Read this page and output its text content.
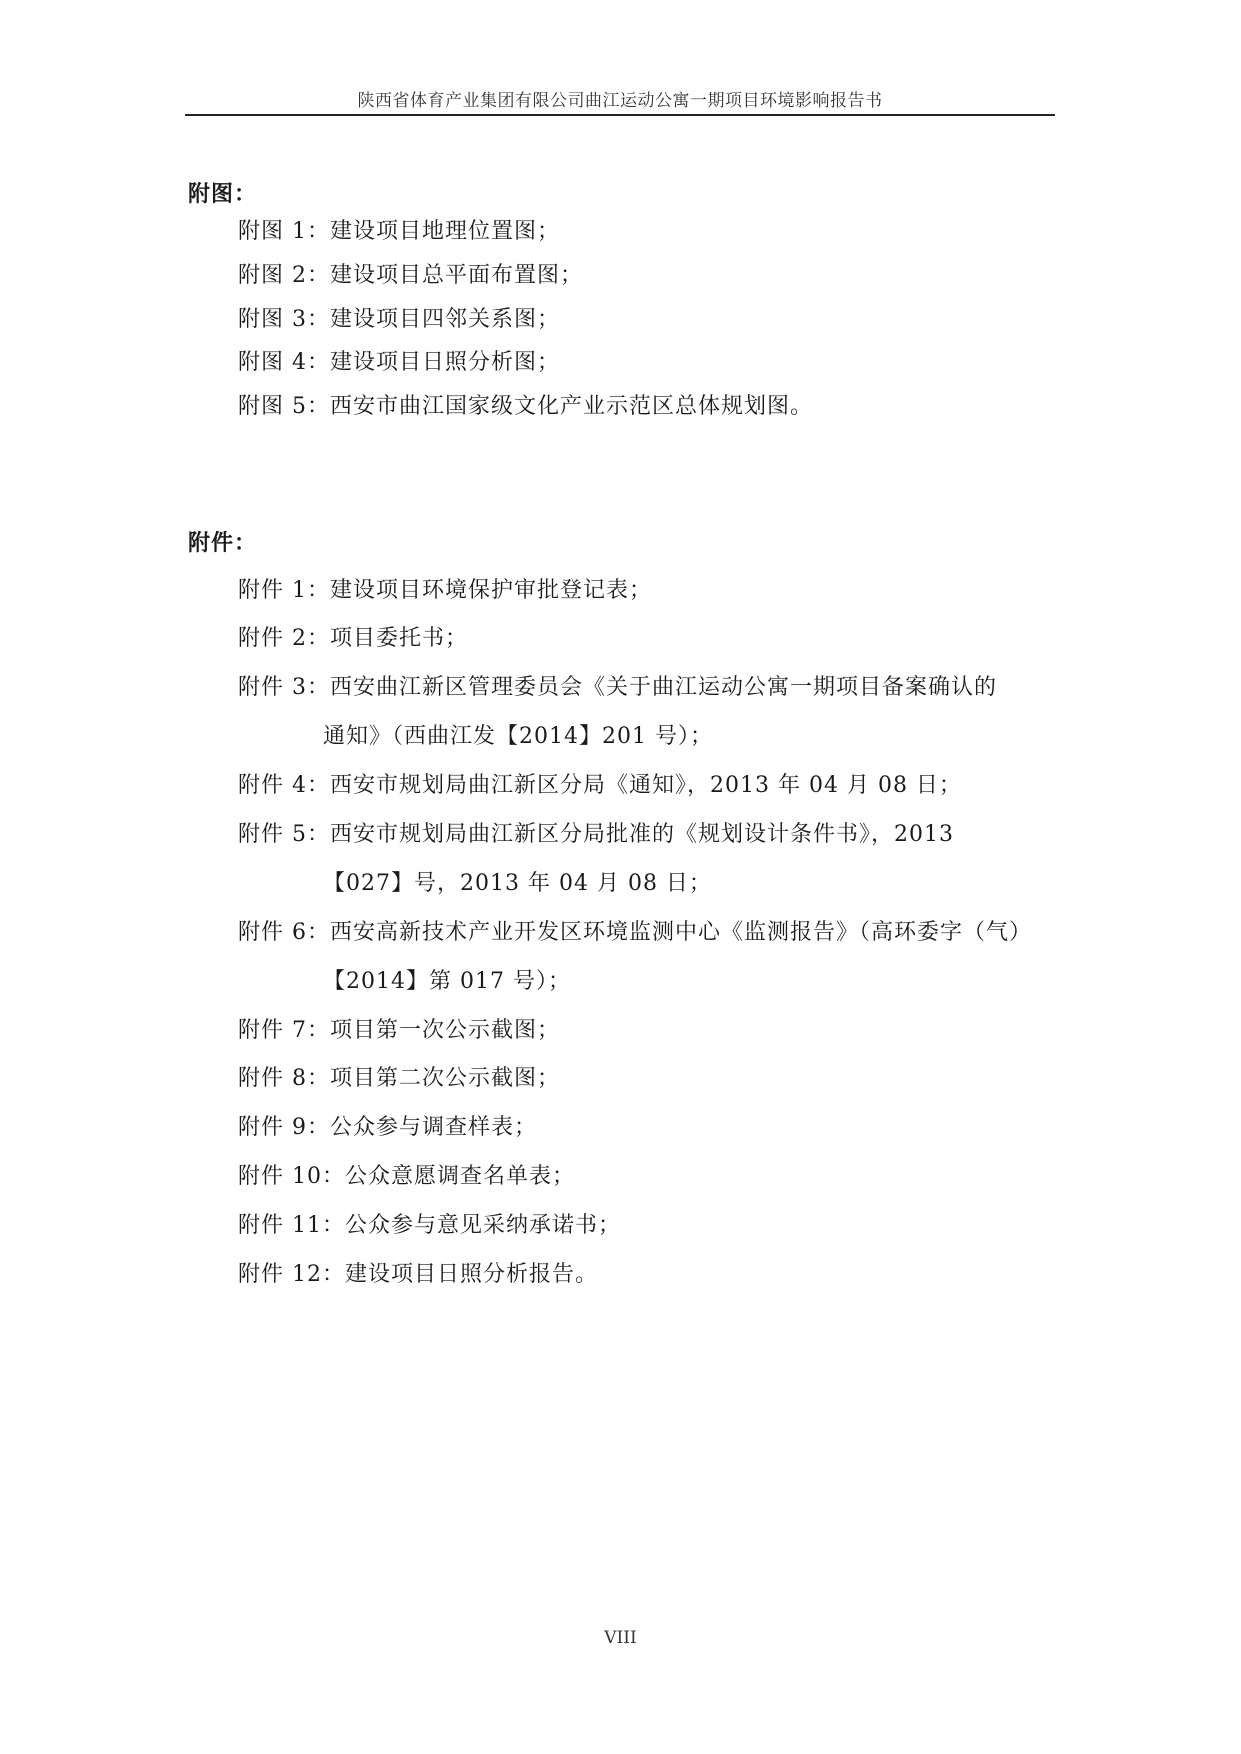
陕西省体育产业集团有限公司曲江运动公寓一期项目环境影响报告书
附图：
附图 1：建设项目地理位置图；
附图 2：建设项目总平面布置图；
附图 3：建设项目四邻关系图；
附图 4：建设项目日照分析图；
附图 5：西安市曲江国家级文化产业示范区总体规划图。
附件：
附件 1：建设项目环境保护审批登记表；
附件 2：项目委托书；
附件 3：西安曲江新区管理委员会《关于曲江运动公寓一期项目备案确认的
通知》（西曲江发【2014】201 号）；
附件 4：西安市规划局曲江新区分局《通知》，2013 年 04 月 08 日；
附件 5：西安市规划局曲江新区分局批准的《规划设计条件书》，2013
【027】号，2013 年 04 月 08 日；
附件 6：西安高新技术产业开发区环境监测中心《监测报告》（高环委字（气）
【2014】第 017 号）；
附件 7：项目第一次公示截图；
附件 8：项目第二次公示截图；
附件 9：公众参与调查样表；
附件 10：公众意愿调查名单表；
附件 11：公众参与意见采纳承诺书；
附件 12：建设项目日照分析报告。
VIII
